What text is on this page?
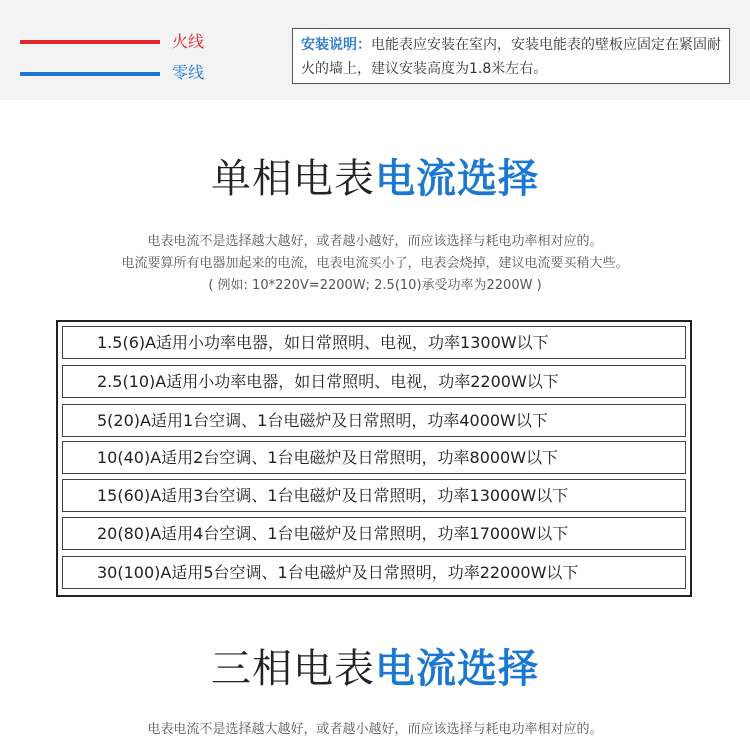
火线
零线
安装说明：电能表应安装在室内，安装电能表的壁板应固定在紧固耐火的墙上，建议安装高度为1.8米左右。
单相电表电流选择
电表电流不是选择越大越好，或者越小越好，而应该选择与耗电功率相对应的。
电流要算所有电器加起来的电流，电表电流买小了，电表会烧掉，建议电流要买稍大些。
( 例如: 10*220V=2200W; 2.5(10)承受功率为2200W )
1.5(6)A适用小功率电器，如日常照明、电视，功率1300W以下
2.5(10)A适用小功率电器，如日常照明、电视，功率2200W以下
5(20)A适用1台空调、1台电磁炉及日常照明，功率4000W以下
10(40)A适用2台空调、1台电磁炉及日常照明，功率8000W以下
15(60)A适用3台空调、1台电磁炉及日常照明，功率13000W以下
20(80)A适用4台空调、1台电磁炉及日常照明，功率17000W以下
30(100)A适用5台空调、1台电磁炉及日常照明，功率22000W以下
三相电表电流选择
电表电流不是选择越大越好，或者越小越好，而应该选择与耗电功率相对应的。
